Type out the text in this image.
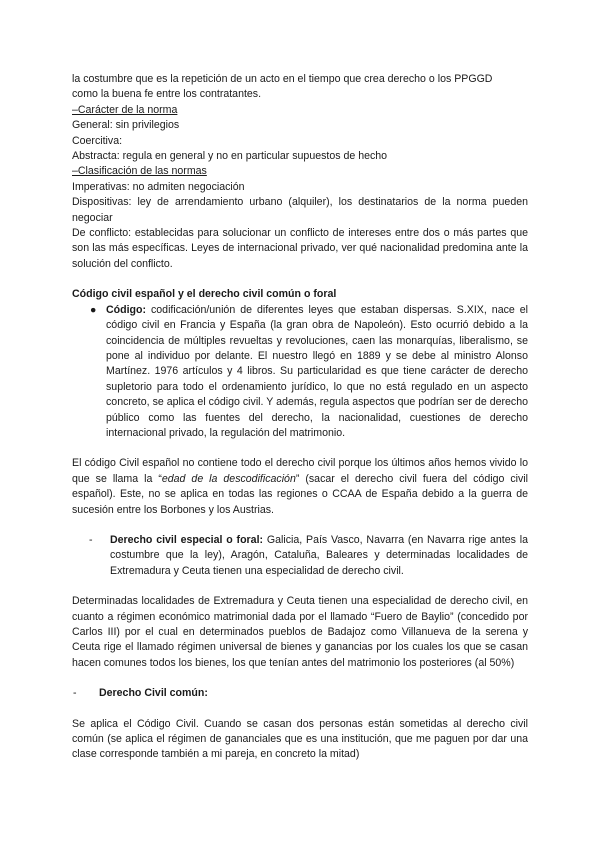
la costumbre que es la repetición de un acto en el tiempo que crea derecho o los PPGGD

como la buena fe entre los contratantes.

–Carácter de la norma

General: sin privilegios

Coercitiva:

Abstracta: regula en general y no en particular supuestos de hecho

–Clasificación de las normas

Imperativas: no admiten negociación

Dispositivas: ley de arrendamiento urbano (alquiler), los destinatarios de la norma pueden negociar

De conflicto: establecidas para solucionar un conflicto de intereses entre dos o más partes que son las más específicas. Leyes de internacional privado, ver qué nacionalidad predomina ante la solución del conflicto.

Código civil español y el derecho civil común o foral

● Código: codificación/unión de diferentes leyes que estaban dispersas. S.XIX, nace el código civil en Francia y España (la gran obra de Napoleón). Esto ocurrió debido a la coincidencia de múltiples revueltas y revoluciones, caen las monarquías, liberalismo, se pone al individuo por delante. El nuestro llegó en 1889 y se debe al ministro Alonso Martínez. 1976 artículos y 4 libros. Su particularidad es que tiene carácter de derecho supletorio para todo el ordenamiento jurídico, lo que no está regulado en un aspecto concreto, se aplica el código civil. Y además, regula aspectos que podrían ser de derecho público como las fuentes del derecho, la nacionalidad, cuestiones de derecho internacional privado, la regulación del matrimonio.

El código Civil español no contiene todo el derecho civil porque los últimos años hemos vivido lo que se llama la “edad de la descodificación” (sacar el derecho civil fuera del código civil español). Este, no se aplica en todas las regiones o CCAA de España debido a la guerra de sucesión entre los Borbones y los Austrias.

- Derecho civil especial o foral: Galicia, País Vasco, Navarra (en Navarra rige antes la costumbre que la ley), Aragón, Cataluña, Baleares y determinadas localidades de Extremadura y Ceuta tienen una especialidad de derecho civil.

Determinadas localidades de Extremadura y Ceuta tienen una especialidad de derecho civil, en cuanto a régimen económico matrimonial dada por el llamado “Fuero de Baylio” (concedido por Carlos III) por el cual en determinados pueblos de Badajoz como Villanueva de la serena y Ceuta rige el llamado régimen universal de bienes y ganancias por los cuales los que se casan hacen comunes todos los bienes, los que tenían antes del matrimonio los posteriores (al 50%)

- Derecho Civil común:

Se aplica el Código Civil. Cuando se casan dos personas están sometidas al derecho civil común (se aplica el régimen de gananciales que es una institución, que me paguen por dar una clase corresponde también a mi pareja, en concreto la mitad)
